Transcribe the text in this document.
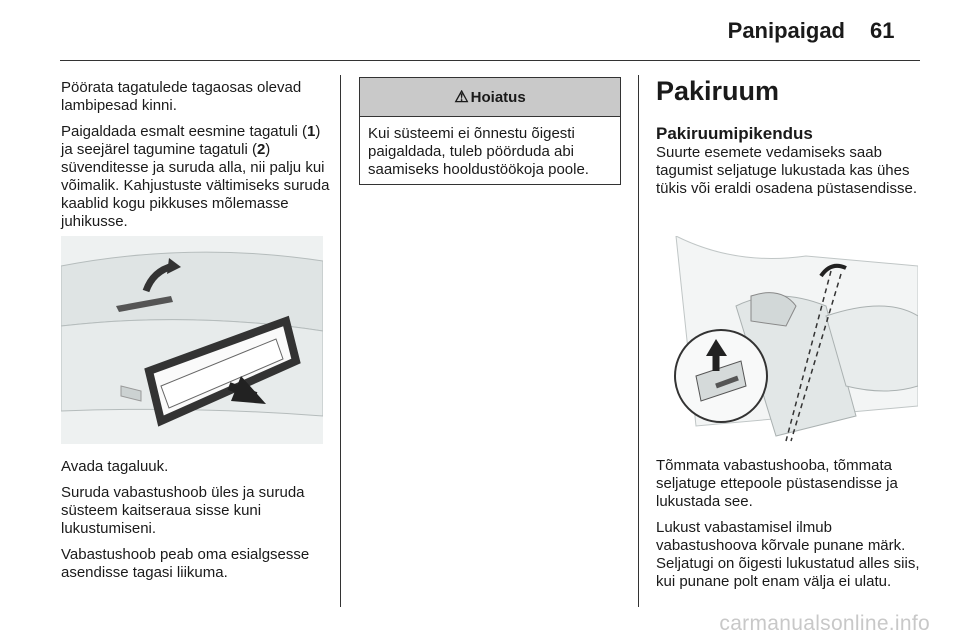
Panipaigad 61

Pöörata tagatulede tagaosas olevad lambipesad kinni.

Paigaldada esmalt eesmine tagatuli (1) ja seejärel tagumine tagatuli (2) süvenditesse ja suruda alla, nii palju kui võimalik. Kahjustuste vältimiseks suruda kaablid kogu pikkuses mõlemasse juhikusse.

Avada tagaluuk.

Suruda vabastushoob üles ja suruda süsteem kaitseraua sisse kuni lukustumiseni.

Vabastushoob peab oma esialgsesse asendisse tagasi liikuma.

⚠ Hoiatus
Kui süsteemi ei õnnestu õigesti paigaldada, tuleb pöörduda abi saamiseks hooldustöökoja poole.
Pakiruum
Pakiruumipikendus

Suurte esemete vedamiseks saab tagumist seljatuge lukustada kas ühes tükis või eraldi osadena püstasendisse.

Tõmmata vabastushooba, tõmmata seljatuge ettepoole püstasendisse ja lukustada see.

Lukust vabastamisel ilmub vabastushoova kõrvale punane märk. Seljatugi on õigesti lukustatud alles siis, kui punane polt enam välja ei ulatu.

carmanualsonline.info
